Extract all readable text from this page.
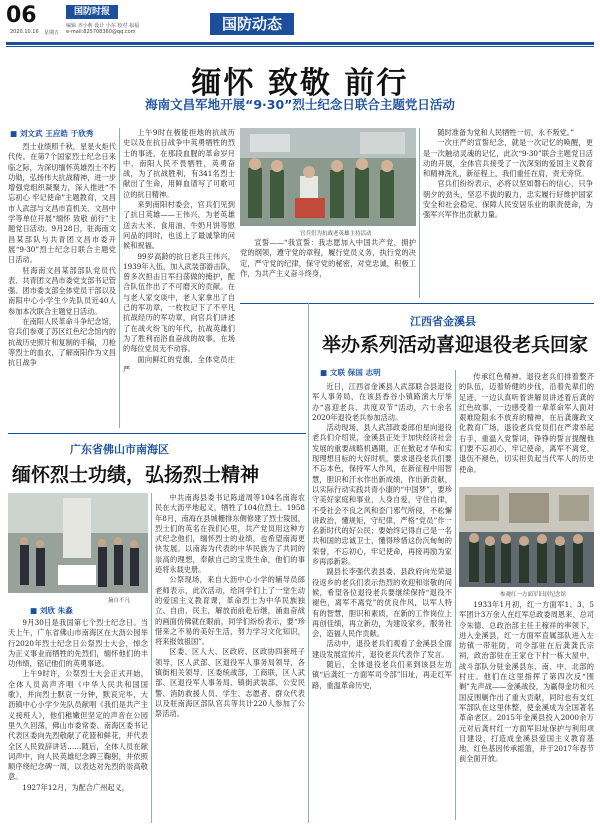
06	国防时报
编辑 齐小莉 设计 小东 校对 福福
2020.10.16 星期五 e-mail:825708360@qq.com	国防动态
缅怀 致敬 前行
海南文昌军地开展“9·30”烈士纪念日联合主题党日活动
■ 刘文武 王应皓 于欣秀

烈士业绩照千秋，星星火炬代代传。在第7个国家烈士纪念日来临之际，为深切缅怀英雄烈士不朽功勋，弘扬伟大抗战精神，进一步增强党组织凝聚力，深入推进“不忘初心 牢记使命”主题教育，文昌市人武部与文昌市直机关、文昌中学等单位开展“缅怀 致敬 前行”主题党日活动。9月28日，驻海南文昌某部队与共青团文昌市委开展“9·30”烈士纪念日联合主题党日活动。

驻海南文昌某部部队党员代表、共青团文昌市委党支部书记管强、团市委支部全体党员干部以及南阳中心小学生少先队员近40人参加本次联合主题党日活动。

在南阳人民革命斗争纪念馆，官兵们参观了苏区红色纪念馆内的抗战历史照片和复制的手稿，刀枪等烈士的血衣，了解南阳作为文昌抗日战争

上午9时在极能担地的抗战历史以及在抗日战争中英勇牺牲的烈士的事迹，在那段血腥的革命岁月中，南阳人民不畏牺牲，英勇奋战，为了抗战胜利，有341名烈士献出了生命，用鲜血谱写了可歌可泣的抗日精神。

来到南阳村委会，官兵们见到了抗日英雄——王伟兴，为老英雄送去大米、食用油、牛奶月饼等慰问品的同时，也送上了最诚挚的问候和祝福。

99岁高龄的抗日老兵王伟兴，1939年入伍，加入武装部游击队，曾多次担击日军扫荡做的掩护，配合队伍作出了不可磨灭的贡献。在与老人家交谈中，老人家拿出了自己的军功章，一枚枚记下了不平凡抗战经历的军功章，向官兵们讲述了在战火纷飞的年代，抗战英雄们为了胜利而浴血奋战的故事，在场的每位党员无不动容。

面向鲜红的党旗，全体党员庄严

官兵们为抗战老英雄主持活动

宣誓——“我宣誓：我志愿加入中国共产党，拥护党的纲领，遵守党的章程，履行党员义务，执行党的决定，严守党的纪律，保守党的秘密，对党忠诚，积极工作，为共产主义奋斗终身，

随时准备为党和人民牺牲一切，永不叛党。”

一次庄严的宣誓纪念，就是一次记忆的唤醒，更是一次触动灵魂的记忆，此次“9·30”联合主题党日活动的开展，全体官兵接受了一次深刻的爱国主义教育和精神洗礼，新征程上，我们重任在肩，责无旁贷。

官兵们纷纷表示，必将以坚如磐石的信心，只争朝夕的劲头，坚忍不拔的毅力，忠实履行好维护国家安全和社会稳定、保障人民安居乐业的职责使命，为强军兴军作出贡献力量。

江西省金溪县
举办系列活动喜迎退役老兵回家
■ 文联 保国 志明

近日，江西省金溪县人武部联合县退役军人事务局，在该县香谷小镇路演大厅举办“喜迎老兵、共度双节”活动，六十余名2020年退役老兵参加活动。

活动现场，县人武部政委郎伯星向退役老兵们介绍说，金溪县正处于加快经济社会发展的重要战略机遇期，正在掀起才华和实现理想目标的大好时机，要求退役老兵们要不忘本色，保持军人作风，在新征程中用智慧，胆识和汗水作出新成绩，作出新贡献，以实际行动实践共青小康的“中国梦”，要珍守美好家庭和事业，人身自爱，守住自律，不受社会不良之风和歪门邪气所侵，不松懈讲政治，懂规矩，守纪律，严格“党员”作一名新时代的好公民；要始终记得自己是一名共和国的忠诚卫士，懂得珍惜这份沉甸甸的荣誉，不忘初心，牢记使命，再接再励为家乡再添新彩。

副县长李强代表县委、县政府向光荣退役返乡的老兵们表示热烈的欢迎和崇敬的问候，希望各位退役老兵要继续保持“退役不褪色，离军不离党”的优良作风，以军人特有的智慧，胆识和素质，在新的工作岗位上再创佳绩，再立新功，为建设家乡，服务社会，造福人民作贡献。

活动中，退役老兵们观看了金溪县全面建设发展宣传片，退役老兵代表作了发言。

随后，全体退役老兵们来到该县左坊镇“后龚红一方面军司令部”旧址，再走红军路，重温革命历史，

传承红色精神。退役老兵们排着整齐的队伍，迈着矫健的步伐，沿着先辈们的足迹，一边认真听着讲解员讲述着后龚的红色故事，一边感受着一辈革命军人面对艰难险阻永不放弃的精神，在后龚廉政文化教育广场，退役老兵党员们在严肃举起右手，重温入党誓词，铮铮的誓言提醒他们要不忘初心，牢记使命，离军不离党，退伍不褪色，切实担负起当代军人的历史使命。

参观红一方面军旧居纪念馆

1933年1月初，红一方面军1、3、5军团计3万余人在红军总政委周恩来、总司令朱德、总政治部主任王稼祥的率领下，进入金溪县，红一方面军直属部队进入左坊镇一带驻防，司令部驻在后龚龚氏宗祠，政治部驻在王家仓下村一栋大屋中，战斗部队分驻金溪县东、南、中、北部的村庄。他们在这里指挥了第四次反“围剿”先声战——金溪战役，为赢得金坊和兴国反围剿作出了重大贡献，同时也有支红军部队在这里休整，使金溪成为全国著名革命老区。2015年金溪县投入2000余万元对后龚村红一方面军旧址保护与利用项目建设，打造成金溪县爱国主义教育基地、红色基因传承摇篮，并于2017年春节前全面开放。

广东省佛山市南海区
缅怀烈士功绩，弘扬烈士精神
摘自不凡
■ 刘欣 朱淼

9月30日是我国第七个烈士纪念日。当天上午，广东省佛山市南海区在大沥公园举行2020年烈士纪念日公祭烈士大会，悼念为正义事业而牺牲的先烈们，缅怀他们的丰功伟绩，铭记他们的英勇事迹。

上午9时许，公祭烈士大会正式开始，全体人员高声齐唱《中华人民共和国国歌》，并向烈士默哀一分钟，默哀完毕，大沥镇中心小学少先队员献唱《我们是共产主义接班人》，他们稚嫩但坚定的声音在公园里久久回荡，佛山市委常委、南海区委书记代表区委向先烈敬献了花篮和鲜花，并代表全区人民致辞讲话……随后，全体人员在献词声中，向人民英雄纪念碑三鞠躬，并依照顺序绕纪念碑一周，以表达对先烈的崇高敬意。

1927年12月，为配合广州起义，

中共南海县委书记陈道周等104名南海农民在大沥平地起义，牺牲了104位烈士。1958年8月，南海在县城栅排东侧修建了烈士陵园，烈士们的英名在我们心里，共产党员用这种方式纪念他们，缅怀烈士的业绩，也希望南海更快发展。以南海为代表的中华民族为了共同的崇高的理想，奉献自己的宝贵生命，他们的事迹将永载史册。

公祭现场，来自大沥中心小学的辅导员郎老师表示，此次活动，给同学们上了一堂生动的爱国主义教育课，革命烈士为中华民族独立、自由、民主，解放而前赴后继，涌血奋战的画面仿佛就在眼前，同学们纷纷表示，要“珍惜来之不易的美好生活，努力学习文化知识，将来报效祖国”。

区委、区人大、区政府、区政协四套班子领导，区人武部、区退役军人事务局领导，各镇街相关领导、区委统战部，工商联，区人武部、区退役军人事务局、镇街武装部、公安民警、消防救援人员、学生、志愿者、群众代表以及驻南海区部队官兵等共计220人参加了公祭活动。
